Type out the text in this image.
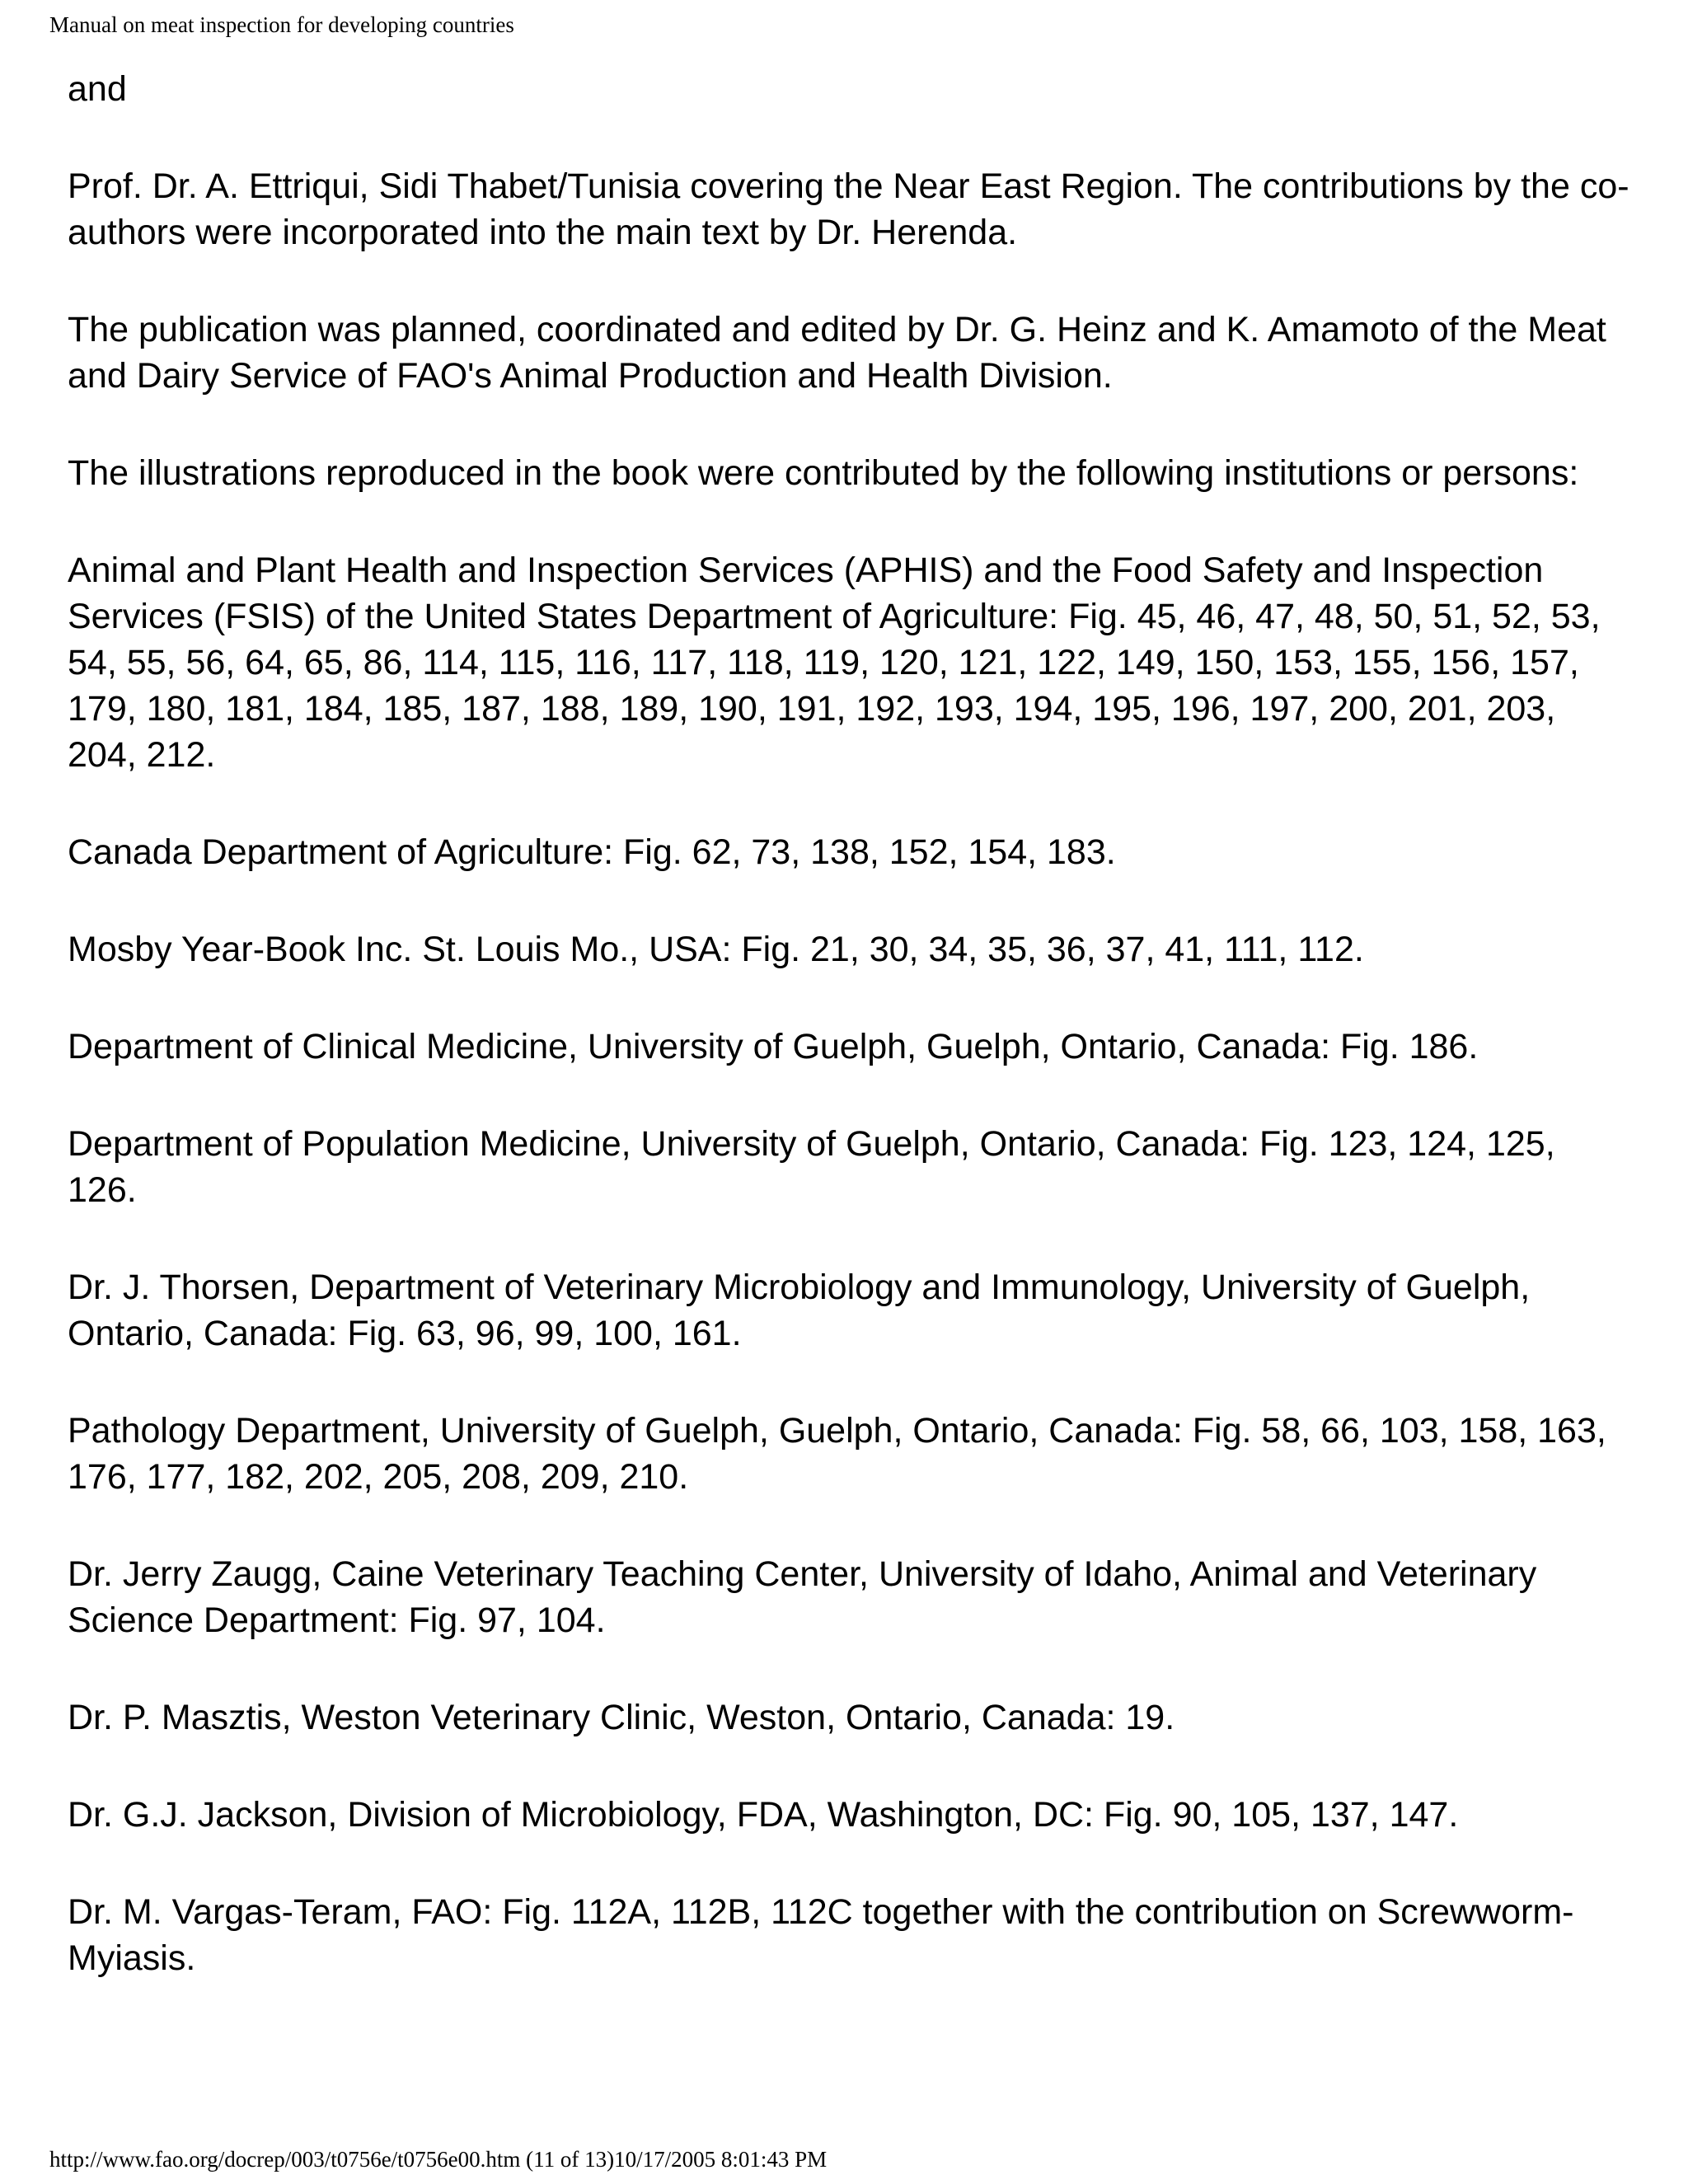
Manual on meat inspection for developing countries

and

Prof. Dr. A. Ettriqui, Sidi Thabet/Tunisia covering the Near East Region. The contributions by the co-authors were incorporated into the main text by Dr. Herenda.

The publication was planned, coordinated and edited by Dr. G. Heinz and K. Amamoto of the Meat and Dairy Service of FAO's Animal Production and Health Division.

The illustrations reproduced in the book were contributed by the following institutions or persons:

Animal and Plant Health and Inspection Services (APHIS) and the Food Safety and Inspection Services (FSIS) of the United States Department of Agriculture: Fig. 45, 46, 47, 48, 50, 51, 52, 53, 54, 55, 56, 64, 65, 86, 114, 115, 116, 117, 118, 119, 120, 121, 122, 149, 150, 153, 155, 156, 157, 179, 180, 181, 184, 185, 187, 188, 189, 190, 191, 192, 193, 194, 195, 196, 197, 200, 201, 203, 204, 212.

Canada Department of Agriculture: Fig. 62, 73, 138, 152, 154, 183.

Mosby Year-Book Inc. St. Louis Mo., USA: Fig. 21, 30, 34, 35, 36, 37, 41, 111, 112.

Department of Clinical Medicine, University of Guelph, Guelph, Ontario, Canada: Fig. 186.

Department of Population Medicine, University of Guelph, Ontario, Canada: Fig. 123, 124, 125, 126.

Dr. J. Thorsen, Department of Veterinary Microbiology and Immunology, University of Guelph, Ontario, Canada: Fig. 63, 96, 99, 100, 161.

Pathology Department, University of Guelph, Guelph, Ontario, Canada: Fig. 58, 66, 103, 158, 163, 176, 177, 182, 202, 205, 208, 209, 210.

Dr. Jerry Zaugg, Caine Veterinary Teaching Center, University of Idaho, Animal and Veterinary Science Department: Fig. 97, 104.

Dr. P. Masztis, Weston Veterinary Clinic, Weston, Ontario, Canada: 19.

Dr. G.J. Jackson, Division of Microbiology, FDA, Washington, DC: Fig. 90, 105, 137, 147.

Dr. M. Vargas-Teram, FAO: Fig. 112A, 112B, 112C together with the contribution on Screwworm-Myiasis.

http://www.fao.org/docrep/003/t0756e/t0756e00.htm (11 of 13)10/17/2005 8:01:43 PM
